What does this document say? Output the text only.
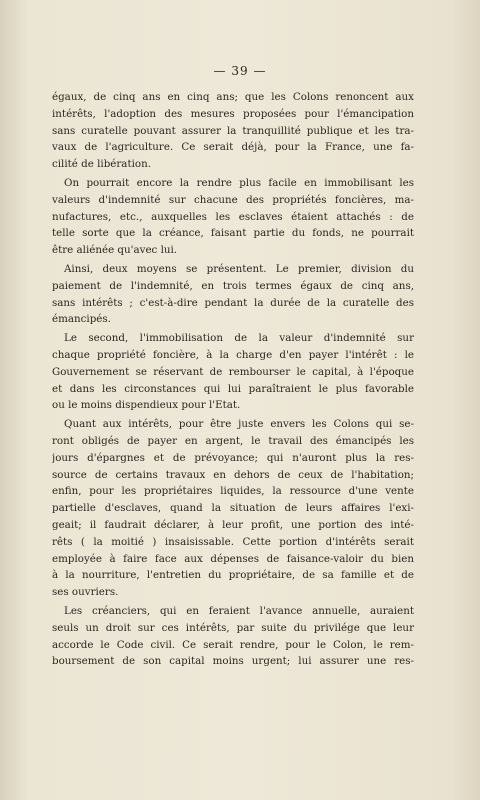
— 39 —
égaux, de cinq ans en cinq ans; que les Colons renoncent aux
intérêts, l'adoption des mesures proposées pour l'émancipation
sans curatelle pouvant assurer la tranquillité publique et les tra-
vaux de l'agriculture. Ce serait déjà, pour la France, une fa-
cilité de libération.
On pourrait encore la rendre plus facile en immobilisant les
valeurs d'indemnité sur chacune des propriétés foncières, ma-
nufactures, etc., auxquelles les esclaves étaient attachés : de
telle sorte que la créance, faisant partie du fonds, ne pourrait
être aliénée qu'avec lui.
Ainsi, deux moyens se présentent. Le premier, division du
paiement de l'indemnité, en trois termes égaux de cinq ans,
sans intérêts ; c'est-à-dire pendant la durée de la curatelle des
émancipés.
Le second, l'immobilisation de la valeur d'indemnité sur
chaque propriété foncière, à la charge d'en payer l'intérêt : le
Gouvernement se réservant de rembourser le capital, à l'époque
et dans les circonstances qui lui paraîtraient le plus favorable
ou le moins dispendieux pour l'Etat.
Quant aux intérêts, pour être juste envers les Colons qui se-
ront obligés de payer en argent, le travail des émancipés les
jours d'épargnes et de prévoyance; qui n'auront plus la res-
source de certains travaux en dehors de ceux de l'habitation;
enfin, pour les propriétaires liquides, la ressource d'une vente
partielle d'esclaves, quand la situation de leurs affaires l'exi-
geait; il faudrait déclarer, à leur profit, une portion des inté-
rêts ( la moitié ) insaisissable. Cette portion d'intérêts serait
employée à faire face aux dépenses de faisance-valoir du bien
à la nourriture, l'entretien du propriétaire, de sa famille et de
ses ouvriers.
Les créanciers, qui en feraient l'avance annuelle, auraient
seuls un droit sur ces intérêts, par suite du privilége que leur
accorde le Code civil. Ce serait rendre, pour le Colon, le rem-
boursement de son capital moins urgent; lui assurer une res-
